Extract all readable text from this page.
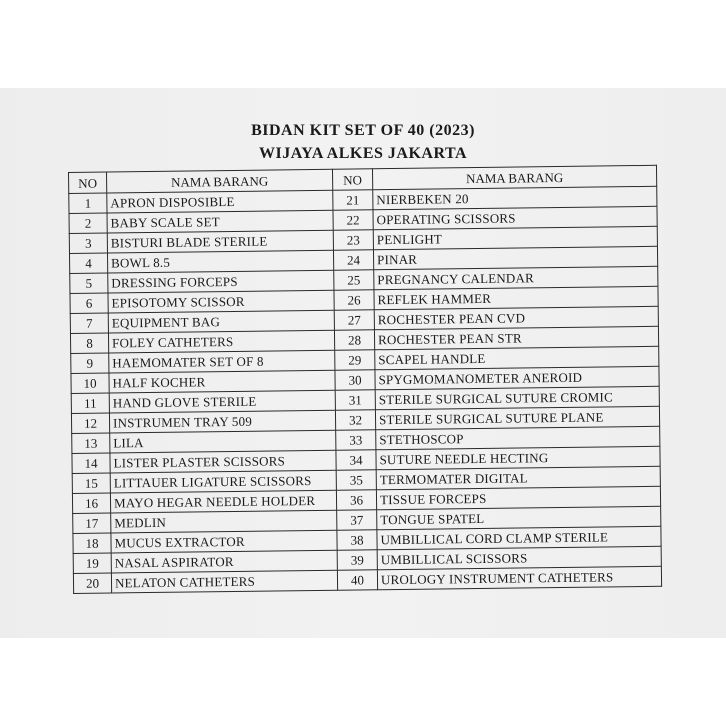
BIDAN KIT SET OF 40 (2023)
WIJAYA ALKES JAKARTA
NO	NAMA BARANG	NO	NAMA BARANG
1	APRON DISPOSIBLE	21	NIERBEKEN 20
2	BABY SCALE SET	22	OPERATING SCISSORS
3	BISTURI BLADE STERILE	23	PENLIGHT
4	BOWL 8.5	24	PINAR
5	DRESSING FORCEPS	25	PREGNANCY CALENDAR
6	EPISOTOMY SCISSOR	26	REFLEK HAMMER
7	EQUIPMENT BAG	27	ROCHESTER PEAN CVD
8	FOLEY CATHETERS	28	ROCHESTER PEAN STR
9	HAEMOMATER SET OF 8	29	SCAPEL HANDLE
10	HALF KOCHER	30	SPYGMOMANOMETER ANEROID
11	HAND GLOVE STERILE	31	STERILE SURGICAL SUTURE CROMIC
12	INSTRUMEN TRAY 509	32	STERILE SURGICAL SUTURE PLANE
13	LILA	33	STETHOSCOP
14	LISTER PLASTER SCISSORS	34	SUTURE NEEDLE HECTING
15	LITTAUER LIGATURE SCISSORS	35	TERMOMATER DIGITAL
16	MAYO HEGAR NEEDLE HOLDER	36	TISSUE FORCEPS
17	MEDLIN	37	TONGUE SPATEL
18	MUCUS EXTRACTOR	38	UMBILLICAL CORD CLAMP STERILE
19	NASAL ASPIRATOR	39	UMBILLICAL SCISSORS
20	NELATON CATHETERS	40	UROLOGY INSTRUMENT CATHETERS
